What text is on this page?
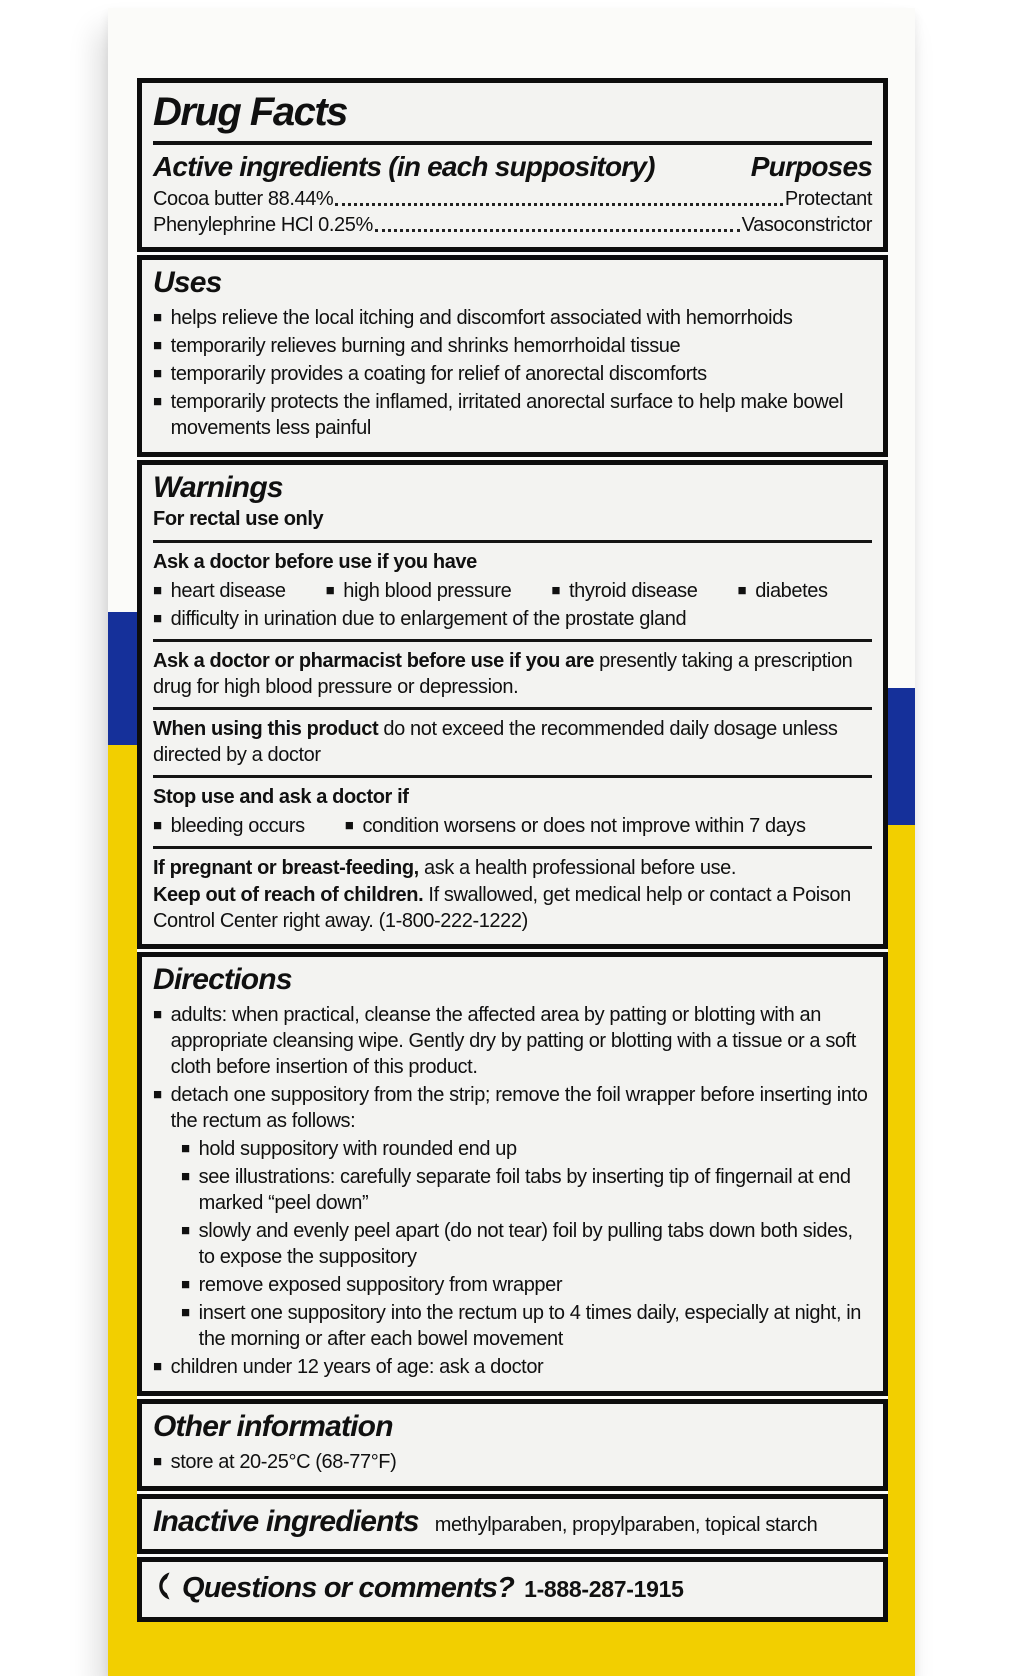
Drug Facts
Active ingredients (in each suppository)	Purposes
Cocoa butter 88.44%	Protectant
Phenylephrine HCl 0.25%	Vasoconstrictor
Uses
■ helps relieve the local itching and discomfort associated with hemorrhoids
■ temporarily relieves burning and shrinks hemorrhoidal tissue
■ temporarily provides a coating for relief of anorectal discomforts
■ temporarily protects the inflamed, irritated anorectal surface to help make bowel movements less painful
Warnings
For rectal use only
Ask a doctor before use if you have
■ heart disease	■ high blood pressure	■ thyroid disease	■ diabetes
■ difficulty in urination due to enlargement of the prostate gland

Ask a doctor or pharmacist before use if you are presently taking a prescription drug for high blood pressure or depression.

When using this product do not exceed the recommended daily dosage unless directed by a doctor

Stop use and ask a doctor if
■ bleeding occurs	■ condition worsens or does not improve within 7 days

If pregnant or breast-feeding, ask a health professional before use.

Keep out of reach of children. If swallowed, get medical help or contact a Poison Control Center right away. (1-800-222-1222)

Directions
■ adults: when practical, cleanse the affected area by patting or blotting with an appropriate cleansing wipe. Gently dry by patting or blotting with a tissue or a soft cloth before insertion of this product.
■ detach one suppository from the strip; remove the foil wrapper before inserting into the rectum as follows:
■ hold suppository with rounded end up
■ see illustrations: carefully separate foil tabs by inserting tip of fingernail at end marked “peel down”
■ slowly and evenly peel apart (do not tear) foil by pulling tabs down both sides, to expose the suppository
■ remove exposed suppository from wrapper
■ insert one suppository into the rectum up to 4 times daily, especially at night, in the morning or after each bowel movement
■ children under 12 years of age: ask a doctor
Other information
■ store at 20-25°C (68-77°F)
Inactive ingredients methylparaben, propylparaben, topical starch
Questions or comments? 1-888-287-1915
